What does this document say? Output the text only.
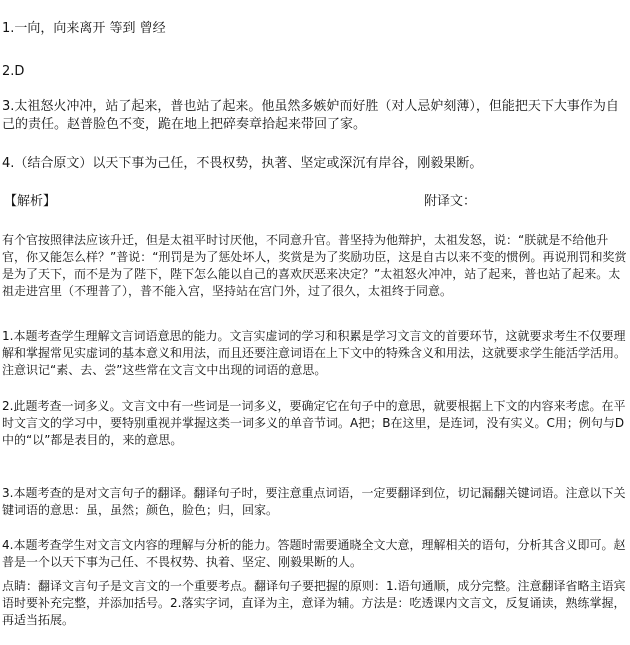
1.一向，向来离开 等到 曾经

2.D

3.太祖怒火冲冲，站了起来，普也站了起来。他虽然多嫉妒而好胜（对人忌妒刻薄），但能把天下大事作为自己的责任。赵普脸色不变，跪在地上把碎奏章拾起来带回了家。

4.（结合原文）以天下事为己任，不畏权势，执著、坚定或深沉有岸谷，刚毅果断。

【解析】	附译文：

有个官按照律法应该升迁，但是太祖平时讨厌他，不同意升官。普坚持为他辩护，太祖发怒，说：“朕就是不给他升官，你又能怎么样？”普说：“刑罚是为了惩处坏人，奖赏是为了奖励功臣，这是自古以来不变的惯例。再说刑罚和奖赏是为了天下，而不是为了陛下，陛下怎么能以自己的喜欢厌恶来决定？”太祖怒火冲冲，站了起来，普也站了起来。太祖走进宫里（不理普了），普不能入宫，坚持站在宫门外，过了很久，太祖终于同意。

1.本题考查学生理解文言词语意思的能力。文言实虚词的学习和积累是学习文言文的首要环节，这就要求考生不仅要理解和掌握常见实虚词的基本意义和用法，而且还要注意词语在上下文中的特殊含义和用法，这就要求学生能活学活用。注意识记“素、去、尝”这些常在文言文中出现的词语的意思。

2.此题考查一词多义。文言文中有一些词是一词多义，要确定它在句子中的意思，就要根据上下文的内容来考虑。在平时文言文的学习中，要特别重视并掌握这类一词多义的单音节词。A把；B在这里，是连词，没有实义。C用；例句与D中的“以”都是表目的，来的意思。

3.本题考查的是对文言句子的翻译。翻译句子时，要注意重点词语，一定要翻译到位，切记漏翻关键词语。注意以下关键词语的意思：虽，虽然；颜色，脸色；归，回家。

4.本题考查学生对文言文内容的理解与分析的能力。答题时需要通晓全文大意，理解相关的语句，分析其含义即可。赵普是一个以天下事为己任、不畏权势、执着、坚定、刚毅果断的人。

点睛：翻译文言句子是文言文的一个重要考点。翻译句子要把握的原则：1.语句通顺，成分完整。注意翻译省略主语宾语时要补充完整，并添加括号。2.落实字词，直译为主，意译为辅。方法是：吃透课内文言文，反复诵读，熟练掌握，再适当拓展。
